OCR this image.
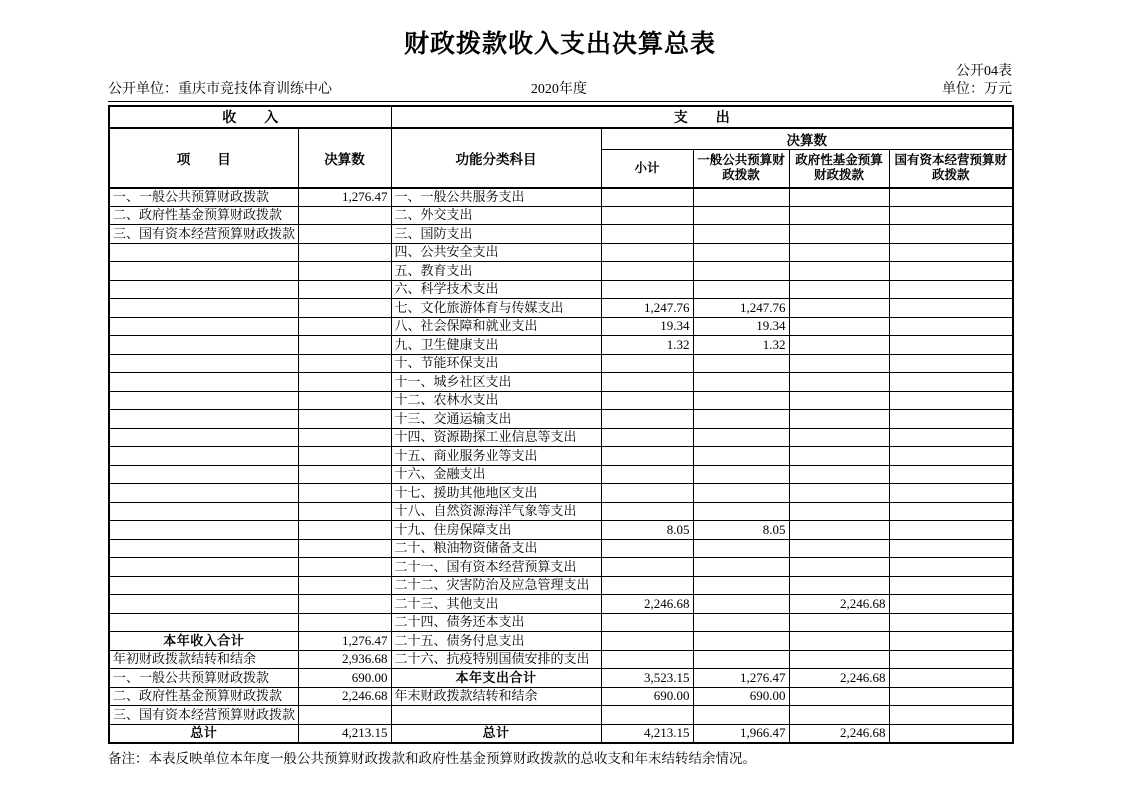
财政拨款收入支出决算总表
公开04表
公开单位：重庆市竞技体育训练中心	2020年度	单位：万元
收　　入		支　　出				
项　　目	决算数	功能分类科目	决算数			
			小计	一般公共预算财政拨款	政府性基金预算财政拨款	国有资本经营预算财政拨款
一、一般公共预算财政拨款	1,276.47	一、一般公共服务支出				
二、政府性基金预算财政拨款		二、外交支出				
三、国有资本经营预算财政拨款		三、国防支出				
		四、公共安全支出				
		五、教育支出				
		六、科学技术支出				
		七、文化旅游体育与传媒支出	1,247.76	1,247.76		
		八、社会保障和就业支出	19.34	19.34		
		九、卫生健康支出	1.32	1.32		
		十、节能环保支出				
		十一、城乡社区支出				
		十二、农林水支出				
		十三、交通运输支出				
		十四、资源勘探工业信息等支出				
		十五、商业服务业等支出				
		十六、金融支出				
		十七、援助其他地区支出				
		十八、自然资源海洋气象等支出				
		十九、住房保障支出	8.05	8.05		
		二十、粮油物资储备支出				
		二十一、国有资本经营预算支出				
		二十二、灾害防治及应急管理支出				
		二十三、其他支出	2,246.68		2,246.68	
		二十四、债务还本支出				
本年收入合计	1,276.47	二十五、债务付息支出				
年初财政拨款结转和结余	2,936.68	二十六、抗疫特别国债安排的支出				
一、一般公共预算财政拨款	690.00	本年支出合计	3,523.15	1,276.47	2,246.68	
二、政府性基金预算财政拨款	2,246.68	年末财政拨款结转和结余	690.00	690.00		
三、国有资本经营预算财政拨款						
总计	4,213.15	总计	4,213.15	1,966.47	2,246.68	
备注：本表反映单位本年度一般公共预算财政拨款和政府性基金预算财政拨款的总收支和年末结转结余情况。
